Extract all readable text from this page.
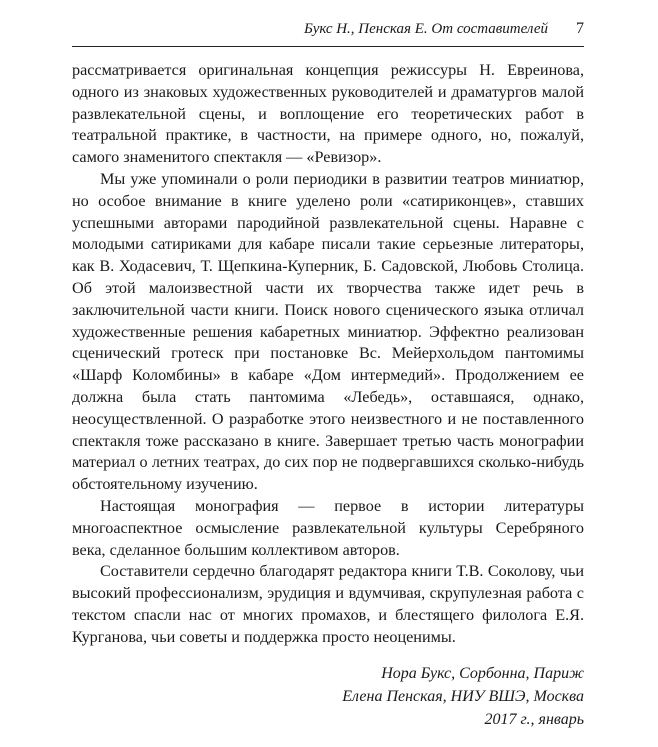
Букс Н., Пенская Е. От составителей 7

рассматривается оригинальная концепция режиссуры Н. Евреинова, одного из знаковых художественных руководителей и драматургов малой развлекательной сцены, и воплощение его теоретических работ в театральной практике, в частности, на примере одного, но, пожалуй, самого знаменитого спектакля — «Ревизор».

Мы уже упоминали о роли периодики в развитии театров миниатюр, но особое внимание в книге уделено роли «сатириконцев», ставших успешными авторами пародийной развлекательной сцены. Наравне с молодыми сатириками для кабаре писали такие серьезные литераторы, как В. Ходасевич, Т. Щепкина-Куперник, Б. Садовской, Любовь Столица. Об этой малоизвестной части их творчества также идет речь в заключительной части книги. Поиск нового сценического языка отличал художественные решения кабаретных миниатюр. Эффектно реализован сценический гротеск при постановке Вс. Мейерхольдом пантомимы «Шарф Коломбины» в кабаре «Дом интермедий». Продолжением ее должна была стать пантомима «Лебедь», оставшаяся, однако, неосуществленной. О разработке этого неизвестного и не поставленного спектакля тоже рассказано в книге. Завершает третью часть монографии материал о летних театрах, до сих пор не подвергавшихся сколько-нибудь обстоятельному изучению.

Настоящая монография — первое в истории литературы многоаспектное осмысление развлекательной культуры Серебряного века, сделанное большим коллективом авторов.

Составители сердечно благодарят редактора книги Т.В. Соколову, чьи высокий профессионализм, эрудиция и вдумчивая, скрупулезная работа с текстом спасли нас от многих промахов, и блестящего филолога Е.Я. Курганова, чьи советы и поддержка просто неоценимы.

Нора Букс, Сорбонна, Париж
Елена Пенская, НИУ ВШЭ, Москва
2017 г., январь
